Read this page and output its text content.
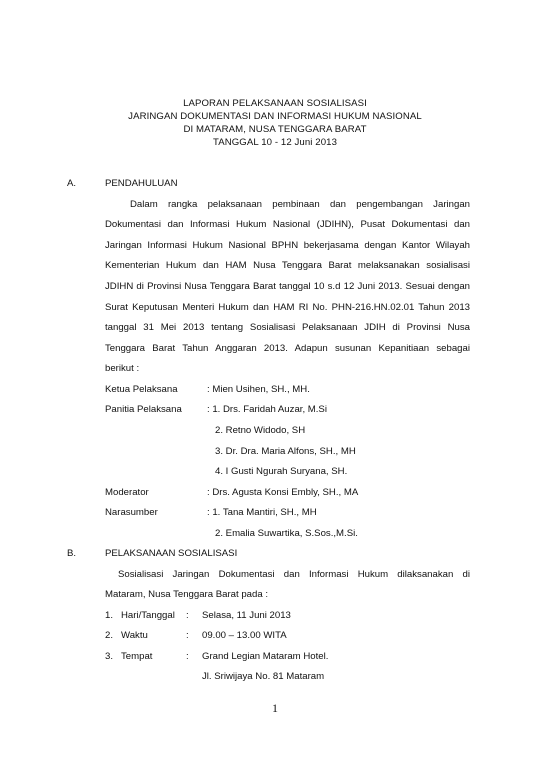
LAPORAN PELAKSANAAN SOSIALISASI
JARINGAN DOKUMENTASI DAN INFORMASI HUKUM NASIONAL
DI MATARAM, NUSA TENGGARA BARAT
TANGGAL 10 - 12 Juni 2013
A.	PENDAHULUAN
Dalam rangka pelaksanaan pembinaan dan pengembangan Jaringan
Dokumentasi dan Informasi Hukum Nasional (JDIHN), Pusat Dokumentasi dan
Jaringan Informasi Hukum Nasional BPHN bekerjasama dengan Kantor Wilayah
Kementerian Hukum dan HAM Nusa Tenggara Barat melaksanakan sosialisasi
JDIHN di Provinsi Nusa Tenggara Barat tanggal 10 s.d 12 Juni 2013. Sesuai dengan
Surat Keputusan Menteri Hukum dan HAM RI No. PHN-216.HN.02.01 Tahun 2013
tanggal 31 Mei 2013 tentang Sosialisasi Pelaksanaan JDIH di Provinsi Nusa
Tenggara Barat Tahun Anggaran 2013. Adapun susunan Kepanitiaan sebagai
berikut :
Ketua Pelaksana	: Mien Usihen, SH., MH.
Panitia Pelaksana	: 1. Drs. Faridah Auzar, M.Si
2. Retno Widodo, SH
3. Dr. Dra. Maria Alfons, SH., MH
4. I Gusti Ngurah Suryana, SH.
Moderator	: Drs. Agusta Konsi Embly, SH., MA
Narasumber	: 1. Tana Mantiri, SH., MH
2. Emalia Suwartika, S.Sos.,M.Si.
B.	PELAKSANAAN SOSIALISASI
Sosialisasi Jaringan Dokumentasi dan Informasi Hukum dilaksanakan di
Mataram, Nusa Tenggara Barat pada :
1. Hari/Tanggal : Selasa, 11 Juni 2013
2. Waktu	: 09.00 – 13.00 WITA
3. Tempat	: Grand Legian Mataram Hotel.
Jl. Sriwijaya No. 81 Mataram
1
